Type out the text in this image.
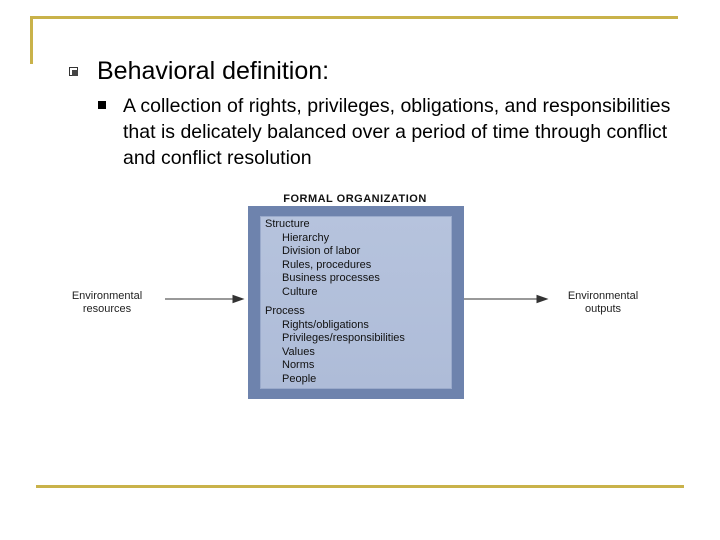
Behavioral definition:
A collection of rights, privileges, obligations, and responsibilities that is delicately balanced over a period of time through conflict and conflict resolution
Environmental
resources
Environmental
outputs
FORMAL ORGANIZATION
Structure
Hierarchy
Division of labor
Rules, procedures
Business processes
Culture
Process
Rights/obligations
Privileges/responsibilities
Values
Norms
People
